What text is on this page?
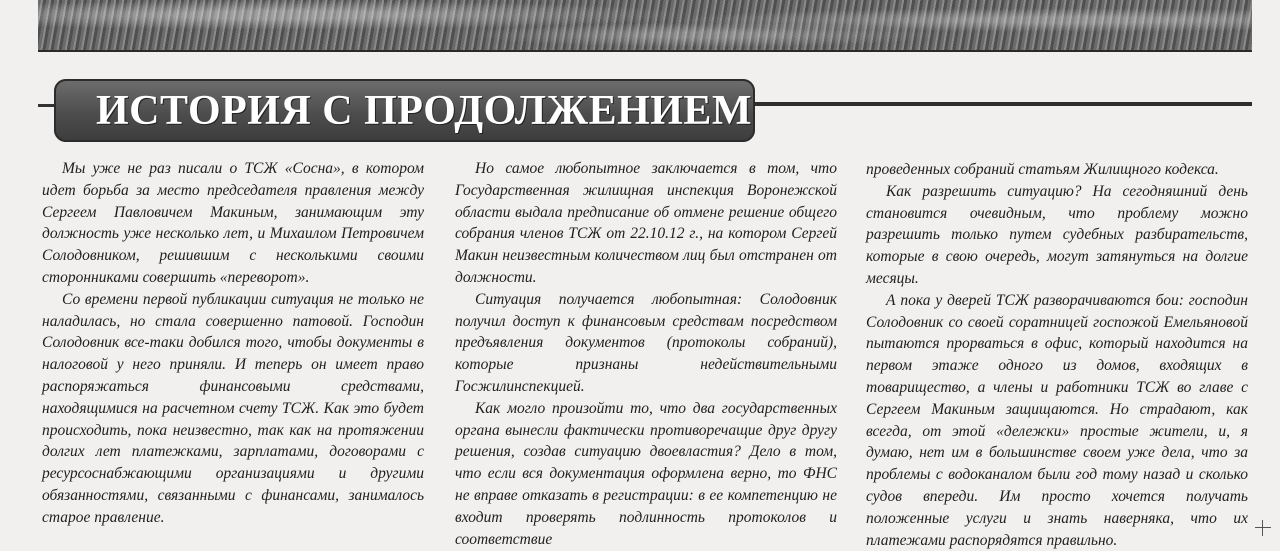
ИСТОРИЯ С ПРОДОЛЖЕНИЕМ

Мы уже не раз писали о ТСЖ «Сосна», в котором идет борьба за место председателя правления между Сергеем Павловичем Макиным, занимающим эту должность уже несколько лет, и Михаилом Петровичем Солодовником, решившим с несколькими своими сторонниками совершить «переворот».

Со времени первой публикации ситуация не только не наладилась, но стала совершенно патовой. Господин Солодовник все-таки добился того, чтобы документы в налоговой у него приняли. И теперь он имеет право распоряжаться финансовыми средствами, находящимися на расчетном счету ТСЖ. Как это будет происходить, пока неизвестно, так как на протяжении долгих лет платежками, зарплатами, договорами с ресурсоснабжающими организациями и другими обязанностями, связанными с финансами, занималось старое правление.

Но самое любопытное заключается в том, что Государственная жилищная инспекция Воронежской области выдала предписание об отмене решение общего собрания членов ТСЖ от 22.10.12 г., на котором Сергей Макин неизвестным количеством лиц был отстранен от должности.

Ситуация получается любопытная: Солодовник получил доступ к финансовым средствам посредством предъявления документов (протоколы собраний), которые признаны недействительными Госжилинспекцией.

Как могло произойти то, что два государственных органа вынесли фактически противоречащие друг другу решения, создав ситуацию двоевластия? Дело в том, что если вся документация оформлена верно, то ФНС не вправе отказать в регистрации: в ее компетенцию не входит проверять подлинность протоколов и соответствие

проведенных собраний статьям Жилищного кодекса.

Как разрешить ситуацию? На сегодняшний день становится очевидным, что проблему можно разрешить только путем судебных разбирательств, которые в свою очередь, могут затянуться на долгие месяцы.

А пока у дверей ТСЖ разворачиваются бои: господин Солодовник со своей соратницей госпожой Емельяновой пытаются прорваться в офис, который находится на первом этаже одного из домов, входящих в товарищество, а члены и работники ТСЖ во главе с Сергеем Макиным защищаются. Но страдают, как всегда, от этой «дележки» простые жители, и, я думаю, нет им в большинстве своем уже дела, что за проблемы с водоканалом были год тому назад и сколько судов впереди. Им просто хочется получать положенные услуги и знать наверняка, что их платежами распорядятся правильно.
